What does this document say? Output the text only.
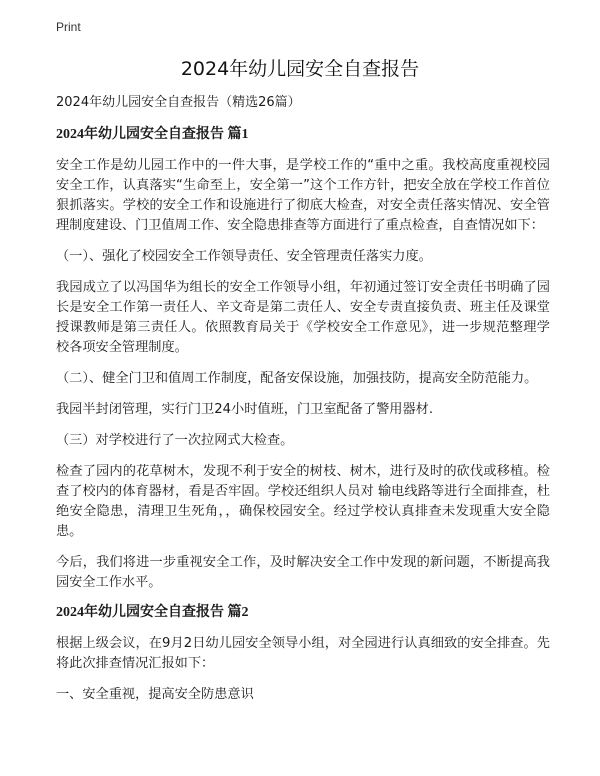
Print
2024年幼儿园安全自查报告

2024年幼儿园安全自查报告（精选26篇）

2024年幼儿园安全自查报告 篇1

安全工作是幼儿园工作中的一件大事，是学校工作的“重中之重。我校高度重视校园安全工作，认真落实“生命至上，安全第一”这个工作方针，把安全放在学校工作首位狠抓落实。学校的安全工作和设施进行了彻底大检查，对安全责任落实情况、安全管理制度建设、门卫值周工作、安全隐患排查等方面进行了重点检查，自查情况如下：

（一）、强化了校园安全工作领导责任、安全管理责任落实力度。

我园成立了以冯国华为组长的安全工作领导小组，年初通过签订安全责任书明确了园长是安全工作第一责任人、辛文奇是第二责任人、安全专责直接负责、班主任及课堂授课教师是第三责任人。依照教育局关于《学校安全工作意见》，进一步规范整理学校各项安全管理制度。

（二）、健全门卫和值周工作制度，配备安保设施，加强技防，提高安全防范能力。

我园半封闭管理，实行门卫24小时值班，门卫室配备了警用器材.

（三）对学校进行了一次拉网式大检查。

检查了园内的花草树木，发现不利于安全的树枝、树木，进行及时的砍伐或移植。检查了校内的体育器材，看是否牢固。学校还组织人员对 输电线路等进行全面排查，杜绝安全隐患，清理卫生死角，，确保校园安全。经过学校认真排查未发现重大安全隐患。

今后，我们将进一步重视安全工作，及时解决安全工作中发现的新问题，不断提高我园安全工作水平。

2024年幼儿园安全自查报告 篇2

根据上级会议，在9月2日幼儿园安全领导小组，对全园进行认真细致的安全排查。先将此次排查情况汇报如下：

一、安全重视，提高安全防患意识
